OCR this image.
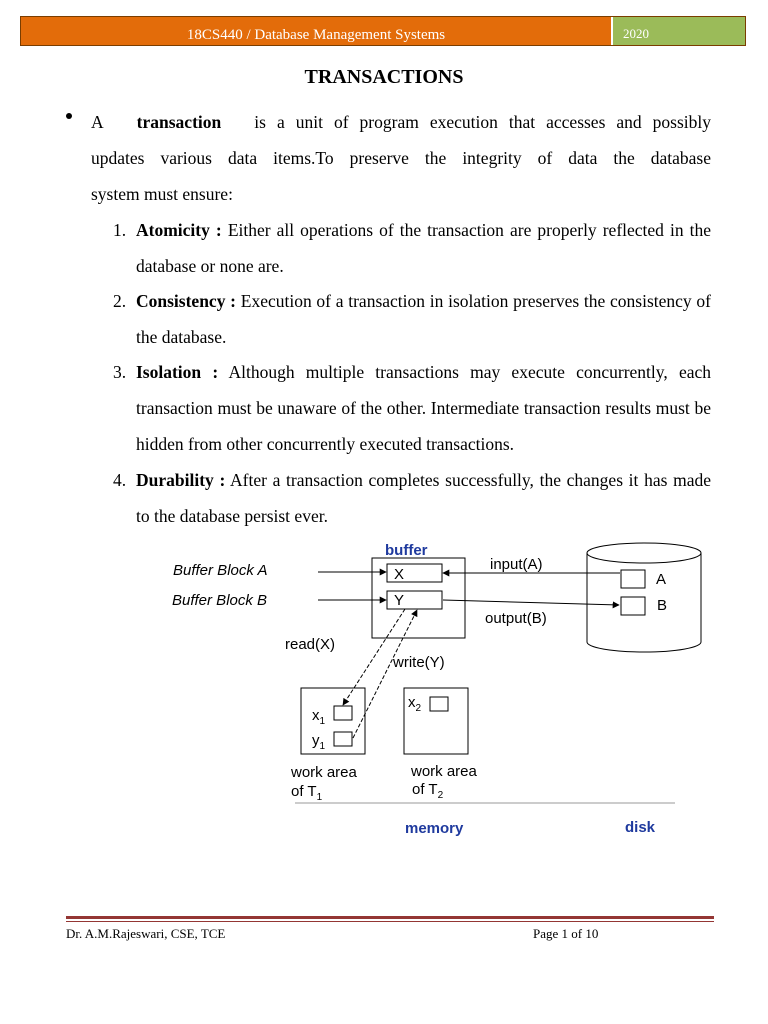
18CS440 / Database Management Systems	2020
TRANSACTIONS
A transaction is a unit of program execution that accesses and possibly
updates various data items.To preserve the integrity of data the database
system must ensure:
1. Atomicity : Either all operations of the transaction are properly reflected in the database or none are.
2. Consistency : Execution of a transaction in isolation preserves the consistency of the database.
3. Isolation : Although multiple transactions may execute concurrently, each transaction must be unaware of the other. Intermediate transaction results must be hidden from other concurrently executed transactions.
4. Durability : After a transaction completes successfully, the changes it has made to the database persist ever.
buffer
X
Y
Buffer Block A
Buffer Block B
A
B
input(A)
output(B)
$x_1$
$y_1$
$x_2$
read(X)
write(Y)
work area
of $T_1$
work area
of $T_2$
memory	disk
Dr. A.M.Rajeswari, CSE, TCE	Page 1 of 10
